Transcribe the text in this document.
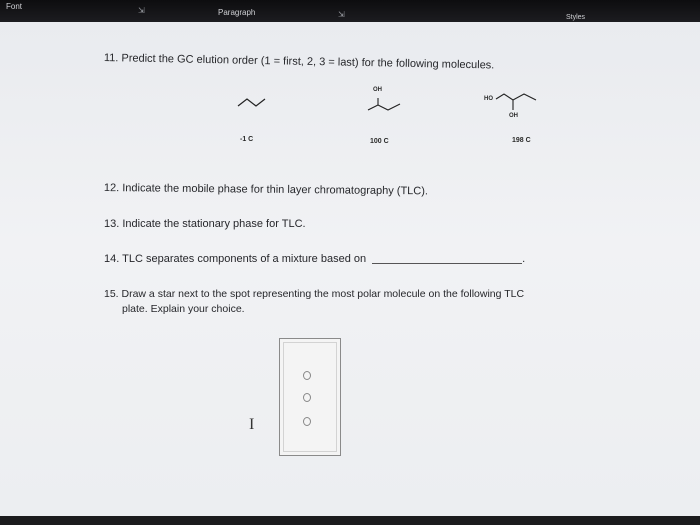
Font	⇲	Paragraph	⇲	Styles
11. Predict the GC elution order (1 = first, 2, 3 = last) for the following molecules.
-1 C
OH
100 C
HO
OH
198 C
12. Indicate the mobile phase for thin layer chromatography (TLC).
13. Indicate the stationary phase for TLC.
14. TLC separates components of a mixture based on	.
15. Draw a star next to the spot representing the most polar molecule on the following TLC
plate. Explain your choice.
I
